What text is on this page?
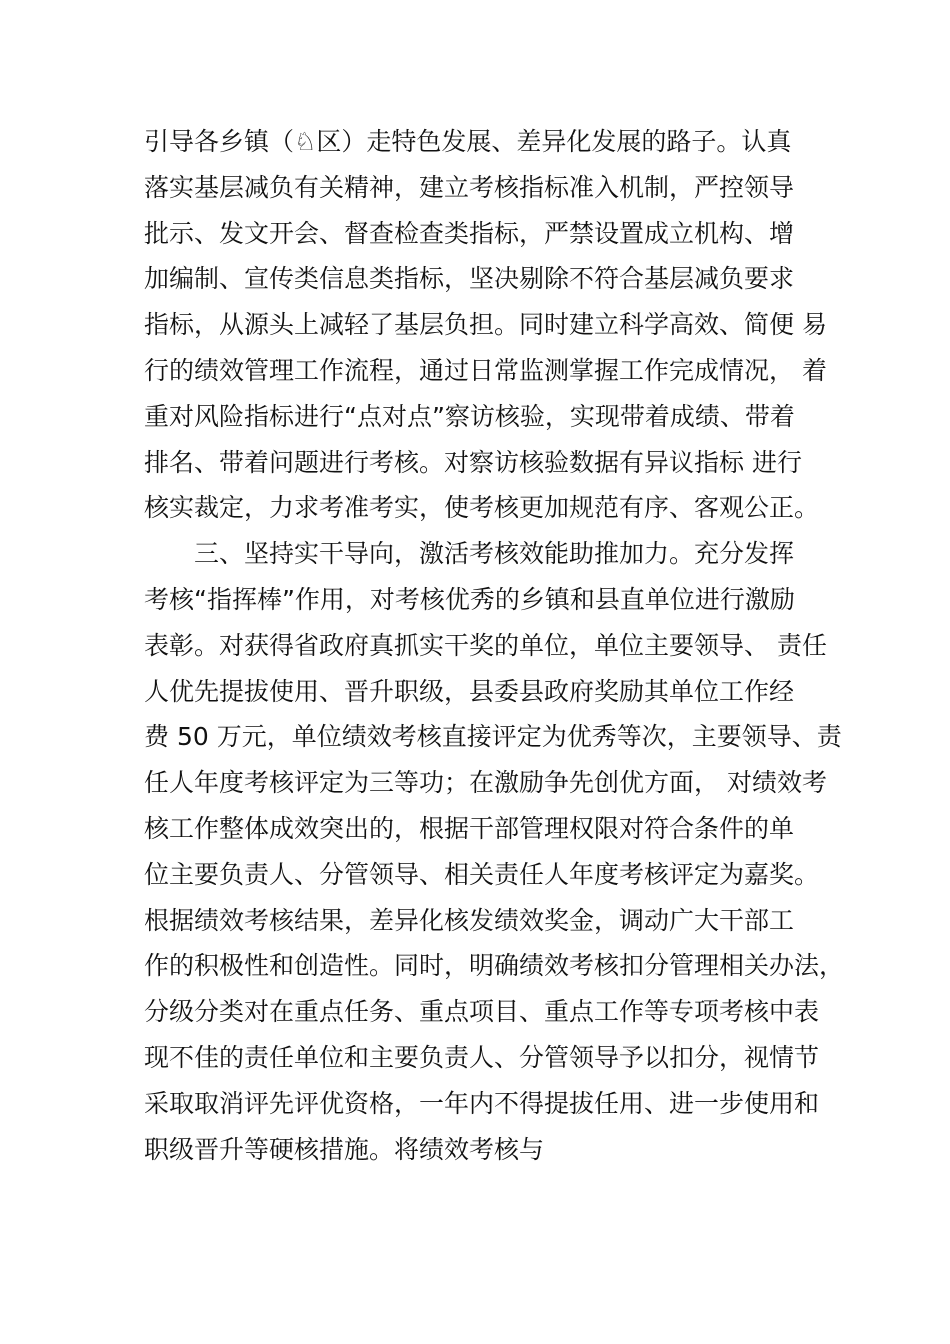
引导各乡镇（♘区）走特色发展、差异化发展的路子。认真
落实基层减负有关精神，建立考核指标准入机制，严控领导
批示、发文开会、督查检查类指标，严禁设置成立机构、增
加编制、宣传类信息类指标，坚决剔除不符合基层减负要求
指标，从源头上减轻了基层负担。同时建立科学高效、简便 易
行的绩效管理工作流程，通过日常监测掌握工作完成情况， 着
重对风险指标进行“点对点”察访核验，实现带着成绩、带着
排名、带着问题进行考核。对察访核验数据有异议指标 进行
核实裁定，力求考准考实，使考核更加规范有序、客观公正。
三、坚持实干导向，激活考核效能助推加力。充分发挥
考核“指挥棒”作用，对考核优秀的乡镇和县直单位进行激励
表彰。对获得省政府真抓实干奖的单位，单位主要领导、 责任
人优先提拔使用、晋升职级，县委县政府奖励其单位工作经
费 50 万元，单位绩效考核直接评定为优秀等次，主要领导、责
任人年度考核评定为三等功；在激励争先创优方面， 对绩效考
核工作整体成效突出的，根据干部管理权限对符合条件的单
位主要负责人、分管领导、相关责任人年度考核评定为嘉奖。
根据绩效考核结果，差异化核发绩效奖金，调动广大干部工
作的积极性和创造性。同时，明确绩效考核扣分管理相关办法，
分级分类对在重点任务、重点项目、重点工作等专项考核中表
现不佳的责任单位和主要负责人、分管领导予以扣分，视情节
采取取消评先评优资格，一年内不得提拔任用、进一步使用和
职级晋升等硬核措施。将绩效考核与
